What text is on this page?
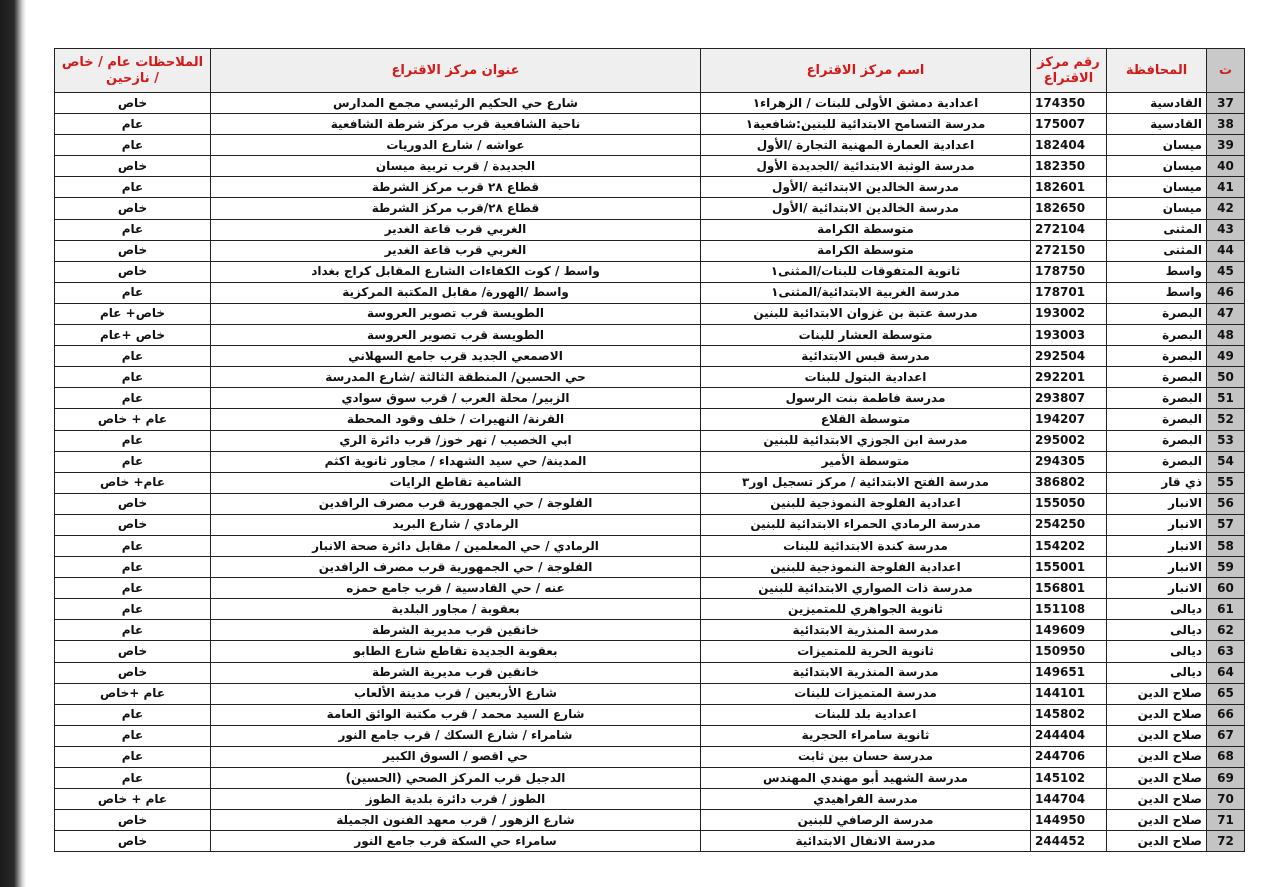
ت	المحافظة	رقم مركز الاقتراع	اسم مركز الاقتراع	عنوان مركز الاقتراع	الملاحظات عام / خاص / نازحين
37	القادسية	174350	اعدادية دمشق الأولى للبنات / الزهراء١	شارع حي الحكيم الرئيسي مجمع المدارس	خاص
38	القادسية	175007	مدرسة التسامح الابتدائية للبنين:شافعية١	ناحية الشافعية قرب مركز شرطة الشافعية	عام
39	ميسان	182404	اعدادية العمارة المهنية التجارة /الأول	عواشه / شارع الدوريات	عام
40	ميسان	182350	مدرسة الوثبة الابتدائية /الجديدة الأول	الجديدة / قرب تربية ميسان	خاص
41	ميسان	182601	مدرسة الخالدين الابتدائية /الأول	قطاع ٢٨ قرب مركز الشرطة	عام
42	ميسان	182650	مدرسة الخالدين الابتدائية /الأول	قطاع ٢٨/قرب مركز الشرطة	خاص
43	المثنى	272104	متوسطة الكرامة	الغربي قرب قاعة الغدير	عام
44	المثنى	272150	متوسطة الكرامة	الغربي قرب قاعة الغدير	خاص
45	واسط	178750	ثانوية المتفوقات للبنات/المثنى١	واسط / كوت الكفاءات الشارع المقابل كراج بغداد	خاص
46	واسط	178701	مدرسة الغربية الابتدائية/المثنى١	واسط /الهورة/ مقابل المكتبة المركزية	عام
47	البصرة	193002	مدرسة عتبة بن غزوان الابتدائية للبنين	الطويسة قرب تصوير العروسة	خاص+ عام
48	البصرة	193003	متوسطة العشار للبنات	الطويسة قرب تصوير العروسة	خاص +عام
49	البصرة	292504	مدرسة قبس الابتدائية	الاصمعي الجديد قرب جامع السهلاني	عام
50	البصرة	292201	اعدادية البتول للبنات	حي الحسين/ المنطقة الثالثة /شارع المدرسة	عام
51	البصرة	293807	مدرسة فاطمة بنت الرسول	الزبير/ محلة العرب / قرب سوق سوادي	عام
52	البصرة	194207	متوسطة القلاع	القرنة/ النهيرات / خلف وقود المحطة	عام + خاص
53	البصرة	295002	مدرسة ابن الجوزي الابتدائية للبنين	ابي الخصيب / نهر خوز/ قرب دائرة الري	عام
54	البصرة	294305	متوسطة الأمير	المدينة/ حي سيد الشهداء / مجاور ثانوية اكثم	عام
55	ذي قار	386802	مدرسة الفتح الابتدائية / مركز تسجيل اور٣	الشامية تقاطع الرايات	عام+ خاص
56	الانبار	155050	اعدادية الفلوجة النموذجية للبنين	الفلوجة / حي الجمهورية قرب مصرف الرافدين	خاص
57	الانبار	254250	مدرسة الرمادي الحمراء الابتدائية للبنين	الرمادي / شارع البريد	خاص
58	الانبار	154202	مدرسة كندة الابتدائية للبنات	الرمادي / حي المعلمين / مقابل دائرة صحة الانبار	عام
59	الانبار	155001	اعدادية الفلوجة النموذجية للبنين	الفلوجة / حي الجمهورية قرب مصرف الرافدين	عام
60	الانبار	156801	مدرسة ذات الصواري الابتدائية للبنين	عنه / حي القادسية / قرب جامع حمزه	عام
61	ديالى	151108	ثانوية الجواهري للمتميزين	بعقوبة / مجاور البلدية	عام
62	ديالى	149609	مدرسة المنذرية الابتدائية	خانقين قرب مديرية الشرطة	عام
63	ديالى	150950	ثانوية الحرية للمتميزات	بعقوبة الجديدة تقاطع شارع الطابو	خاص
64	ديالى	149651	مدرسة المنذرية الابتدائية	خانقين قرب مديرية الشرطة	خاص
65	صلاح الدين	144101	مدرسة المتميزات للبنات	شارع الأربعين / قرب مدينة الألعاب	عام +خاص
66	صلاح الدين	145802	اعدادية بلد للبنات	شارع السيد محمد / قرب مكتبة الوائق العامة	عام
67	صلاح الدين	244404	ثانوية سامراء الحجرية	شامراء / شارع السكك / قرب جامع النور	عام
68	صلاح الدين	244706	مدرسة حسان بين ثابت	حي اقصو / السوق الكبير	عام
69	صلاح الدين	145102	مدرسة الشهيد أبو مهندي المهندس	الدجيل قرب المركز الصحي (الحسين)	عام
70	صلاح الدين	144704	مدرسة الفراهيدي	الطوز / قرب دائرة بلدية الطوز	عام + خاص
71	صلاح الدين	144950	مدرسة الرصافي للبنين	شارع الزهور / قرب معهد الفنون الجميلة	خاص
72	صلاح الدين	244452	مدرسة الانفال الابتدائية	سامراء حي السكة قرب جامع النور	خاص
